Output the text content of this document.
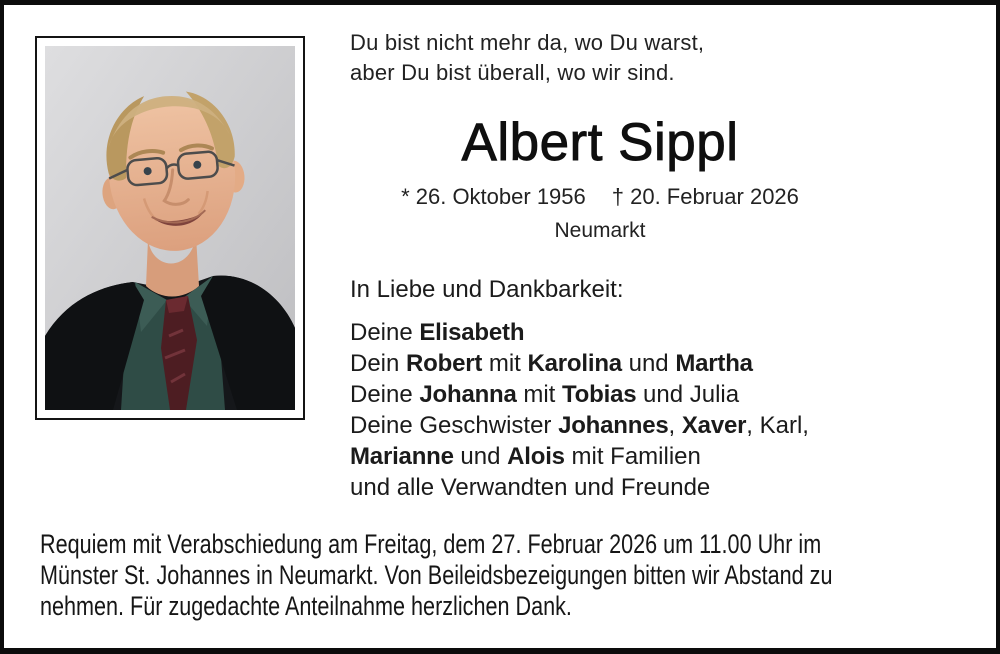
Du bist nicht mehr da, wo Du warst,
aber Du bist überall, wo wir sind.
Albert Sippl
* 26. Oktober 1956 † 20. Februar 2026
Neumarkt
In Liebe und Dankbarkeit:
Deine Elisabeth
Dein Robert mit Karolina und Martha
Deine Johanna mit Tobias und Julia
Deine Geschwister Johannes, Xaver, Karl,
Marianne und Alois mit Familien
und alle Verwandten und Freunde
Requiem mit Verabschiedung am Freitag, dem 27. Februar 2026 um 11.00 Uhr im
Münster St. Johannes in Neumarkt. Von Beileidsbezeigungen bitten wir Abstand zu
nehmen. Für zugedachte Anteilnahme herzlichen Dank.
